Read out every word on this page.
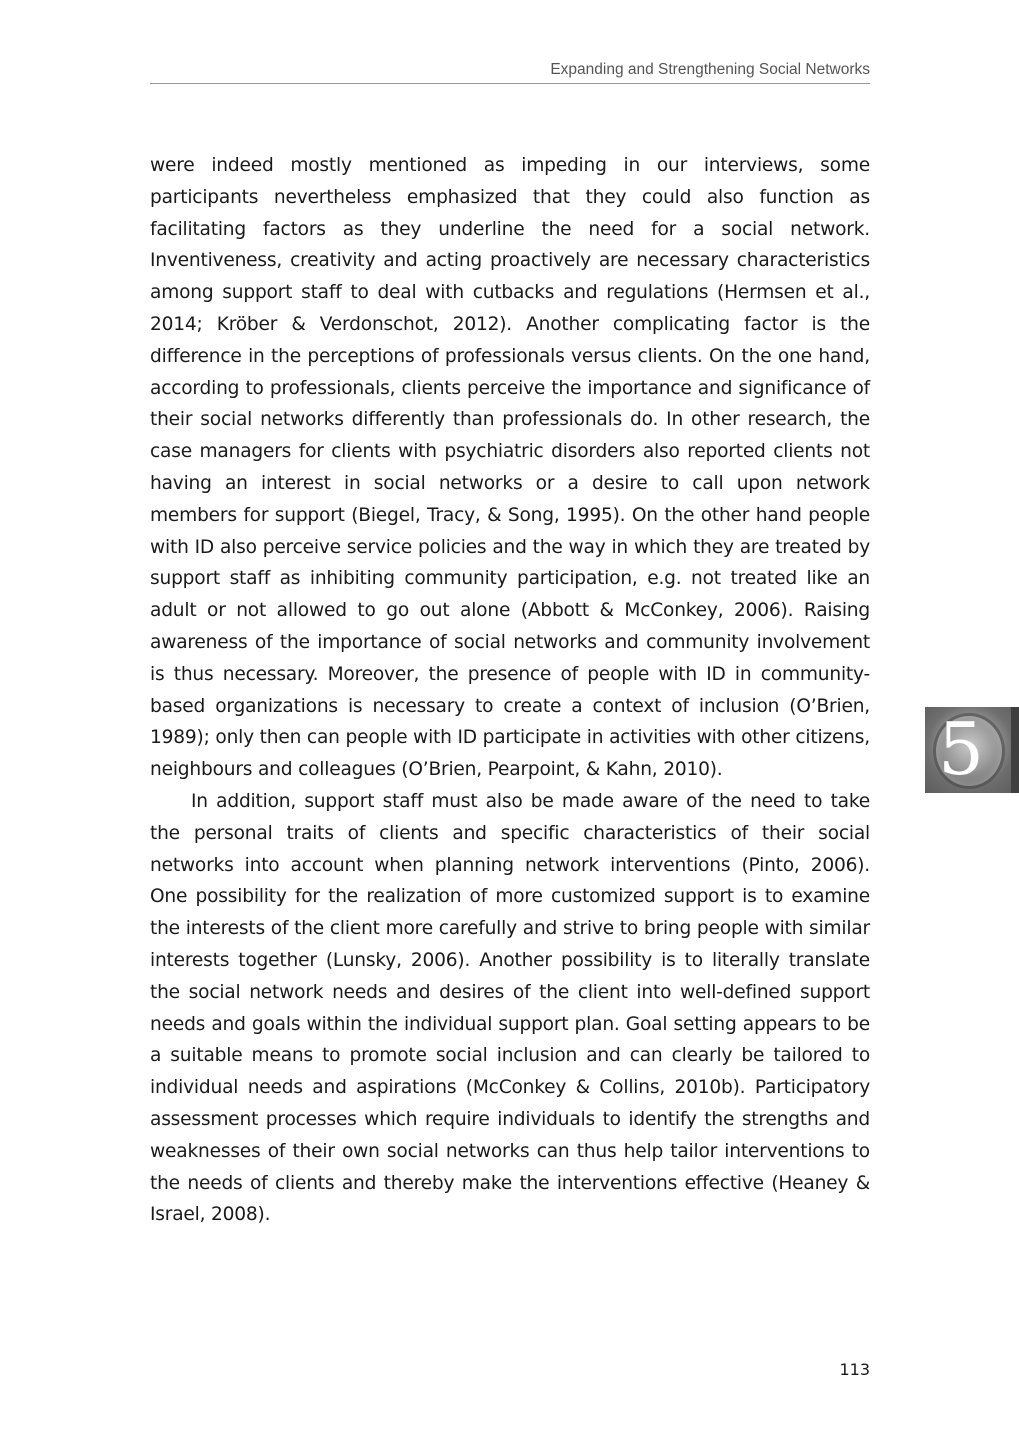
Expanding and Strengthening Social Networks

were indeed mostly mentioned as impeding in our interviews, some participants nevertheless emphasized that they could also function as facilitating factors as they underline the need for a social network. Inventiveness, creativity and acting proactively are necessary characteristics among support staff to deal with cutbacks and regulations (Hermsen et al., 2014; Kröber & Verdonschot, 2012). Another complicating factor is the difference in the perceptions of professionals versus clients. On the one hand, according to professionals, clients perceive the importance and significance of their social networks differently than professionals do. In other research, the case managers for clients with psychiatric disorders also reported clients not having an interest in social networks or a desire to call upon network members for support (Biegel, Tracy, & Song, 1995). On the other hand people with ID also perceive service policies and the way in which they are treated by support staff as inhibiting community participation, e.g. not treated like an adult or not allowed to go out alone (Abbott & McConkey, 2006). Raising awareness of the importance of social networks and community involvement is thus necessary. Moreover, the presence of people with ID in community-based organizations is necessary to create a context of inclusion (O’Brien, 1989); only then can people with ID participate in activities with other citizens, neighbours and colleagues (O’Brien, Pearpoint, & Kahn, 2010).

In addition, support staff must also be made aware of the need to take the personal traits of clients and specific characteristics of their social networks into account when planning network interventions (Pinto, 2006). One possibility for the realization of more customized support is to examine the interests of the client more carefully and strive to bring people with similar interests together (Lunsky, 2006). Another possibility is to literally translate the social network needs and desires of the client into well-defined support needs and goals within the individual support plan. Goal setting appears to be a suitable means to promote social inclusion and can clearly be tailored to individual needs and aspirations (McConkey & Collins, 2010b). Participatory assessment processes which require individuals to identify the strengths and weaknesses of their own social networks can thus help tailor interventions to the needs of clients and thereby make the interventions effective (Heaney & Israel, 2008).

5
113
